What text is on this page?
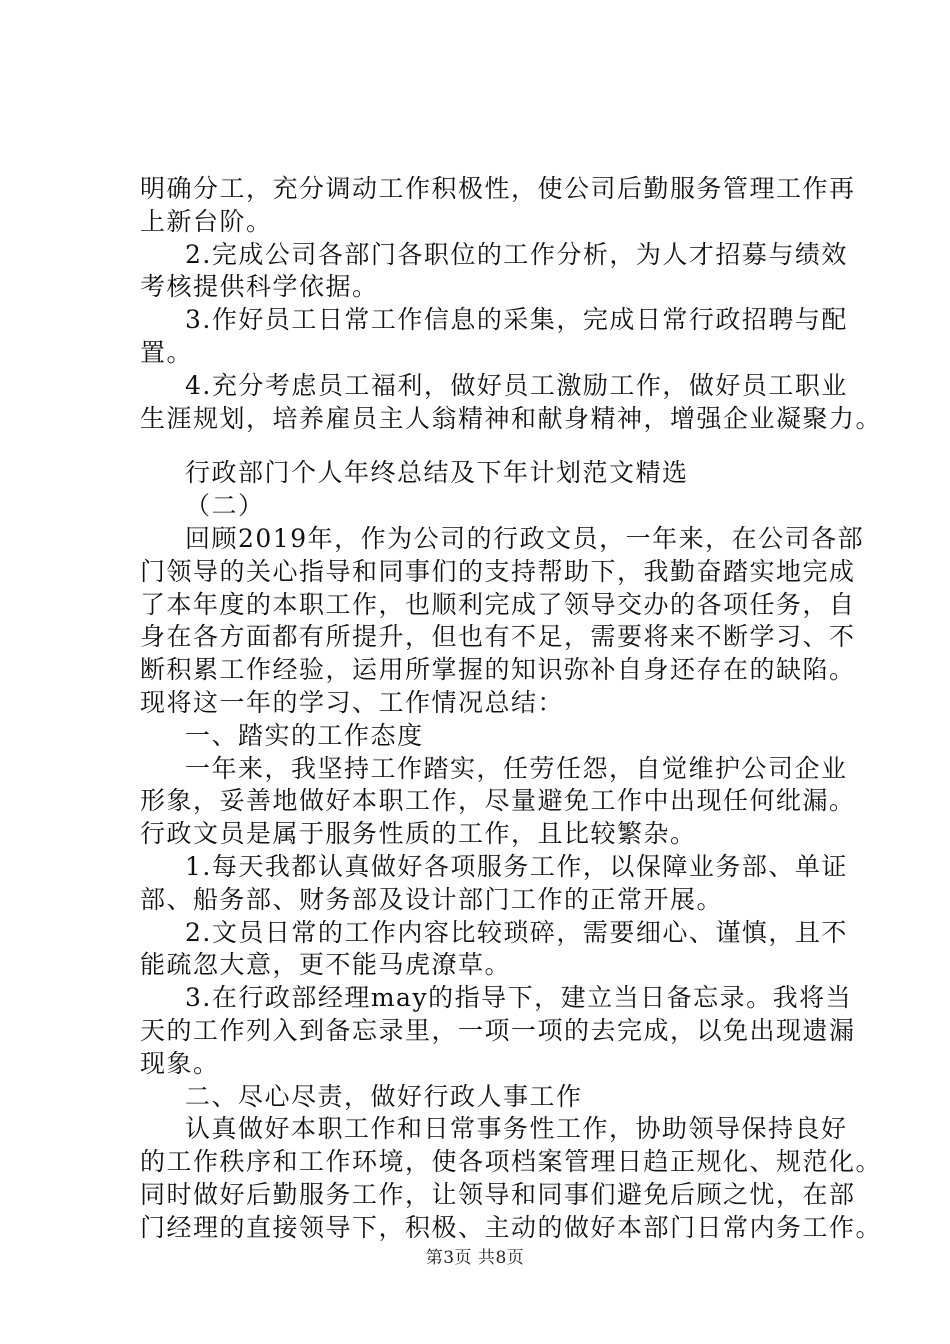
明确分工，充分调动工作积极性，使公司后勤服务管理工作再

上新台阶。

2.完成公司各部门各职位的工作分析，为人才招募与绩效

考核提供科学依据。

3.作好员工日常工作信息的采集，完成日常行政招聘与配

置。

4.充分考虑员工福利，做好员工激励工作，做好员工职业

生涯规划，培养雇员主人翁精神和献身精神，增强企业凝聚力。

行政部门个人年终总结及下年计划范文精选

（二）

回顾2019年，作为公司的行政文员，一年来，在公司各部

门领导的关心指导和同事们的支持帮助下，我勤奋踏实地完成

了本年度的本职工作，也顺利完成了领导交办的各项任务，自

身在各方面都有所提升，但也有不足，需要将来不断学习、不

断积累工作经验，运用所掌握的知识弥补自身还存在的缺陷。

现将这一年的学习、工作情况总结：

一、踏实的工作态度

一年来，我坚持工作踏实，任劳任怨，自觉维护公司企业

形象，妥善地做好本职工作，尽量避免工作中出现任何纰漏。

行政文员是属于服务性质的工作，且比较繁杂。

1.每天我都认真做好各项服务工作，以保障业务部、单证

部、船务部、财务部及设计部门工作的正常开展。

2.文员日常的工作内容比较琐碎，需要细心、谨慎，且不

能疏忽大意，更不能马虎潦草。

3.在行政部经理may的指导下，建立当日备忘录。我将当

天的工作列入到备忘录里，一项一项的去完成，以免出现遗漏

现象。

二、尽心尽责，做好行政人事工作

认真做好本职工作和日常事务性工作，协助领导保持良好

的工作秩序和工作环境，使各项档案管理日趋正规化、规范化。

同时做好后勤服务工作，让领导和同事们避免后顾之忧，在部

门经理的直接领导下，积极、主动的做好本部门日常内务工作。

第3页 共8页
